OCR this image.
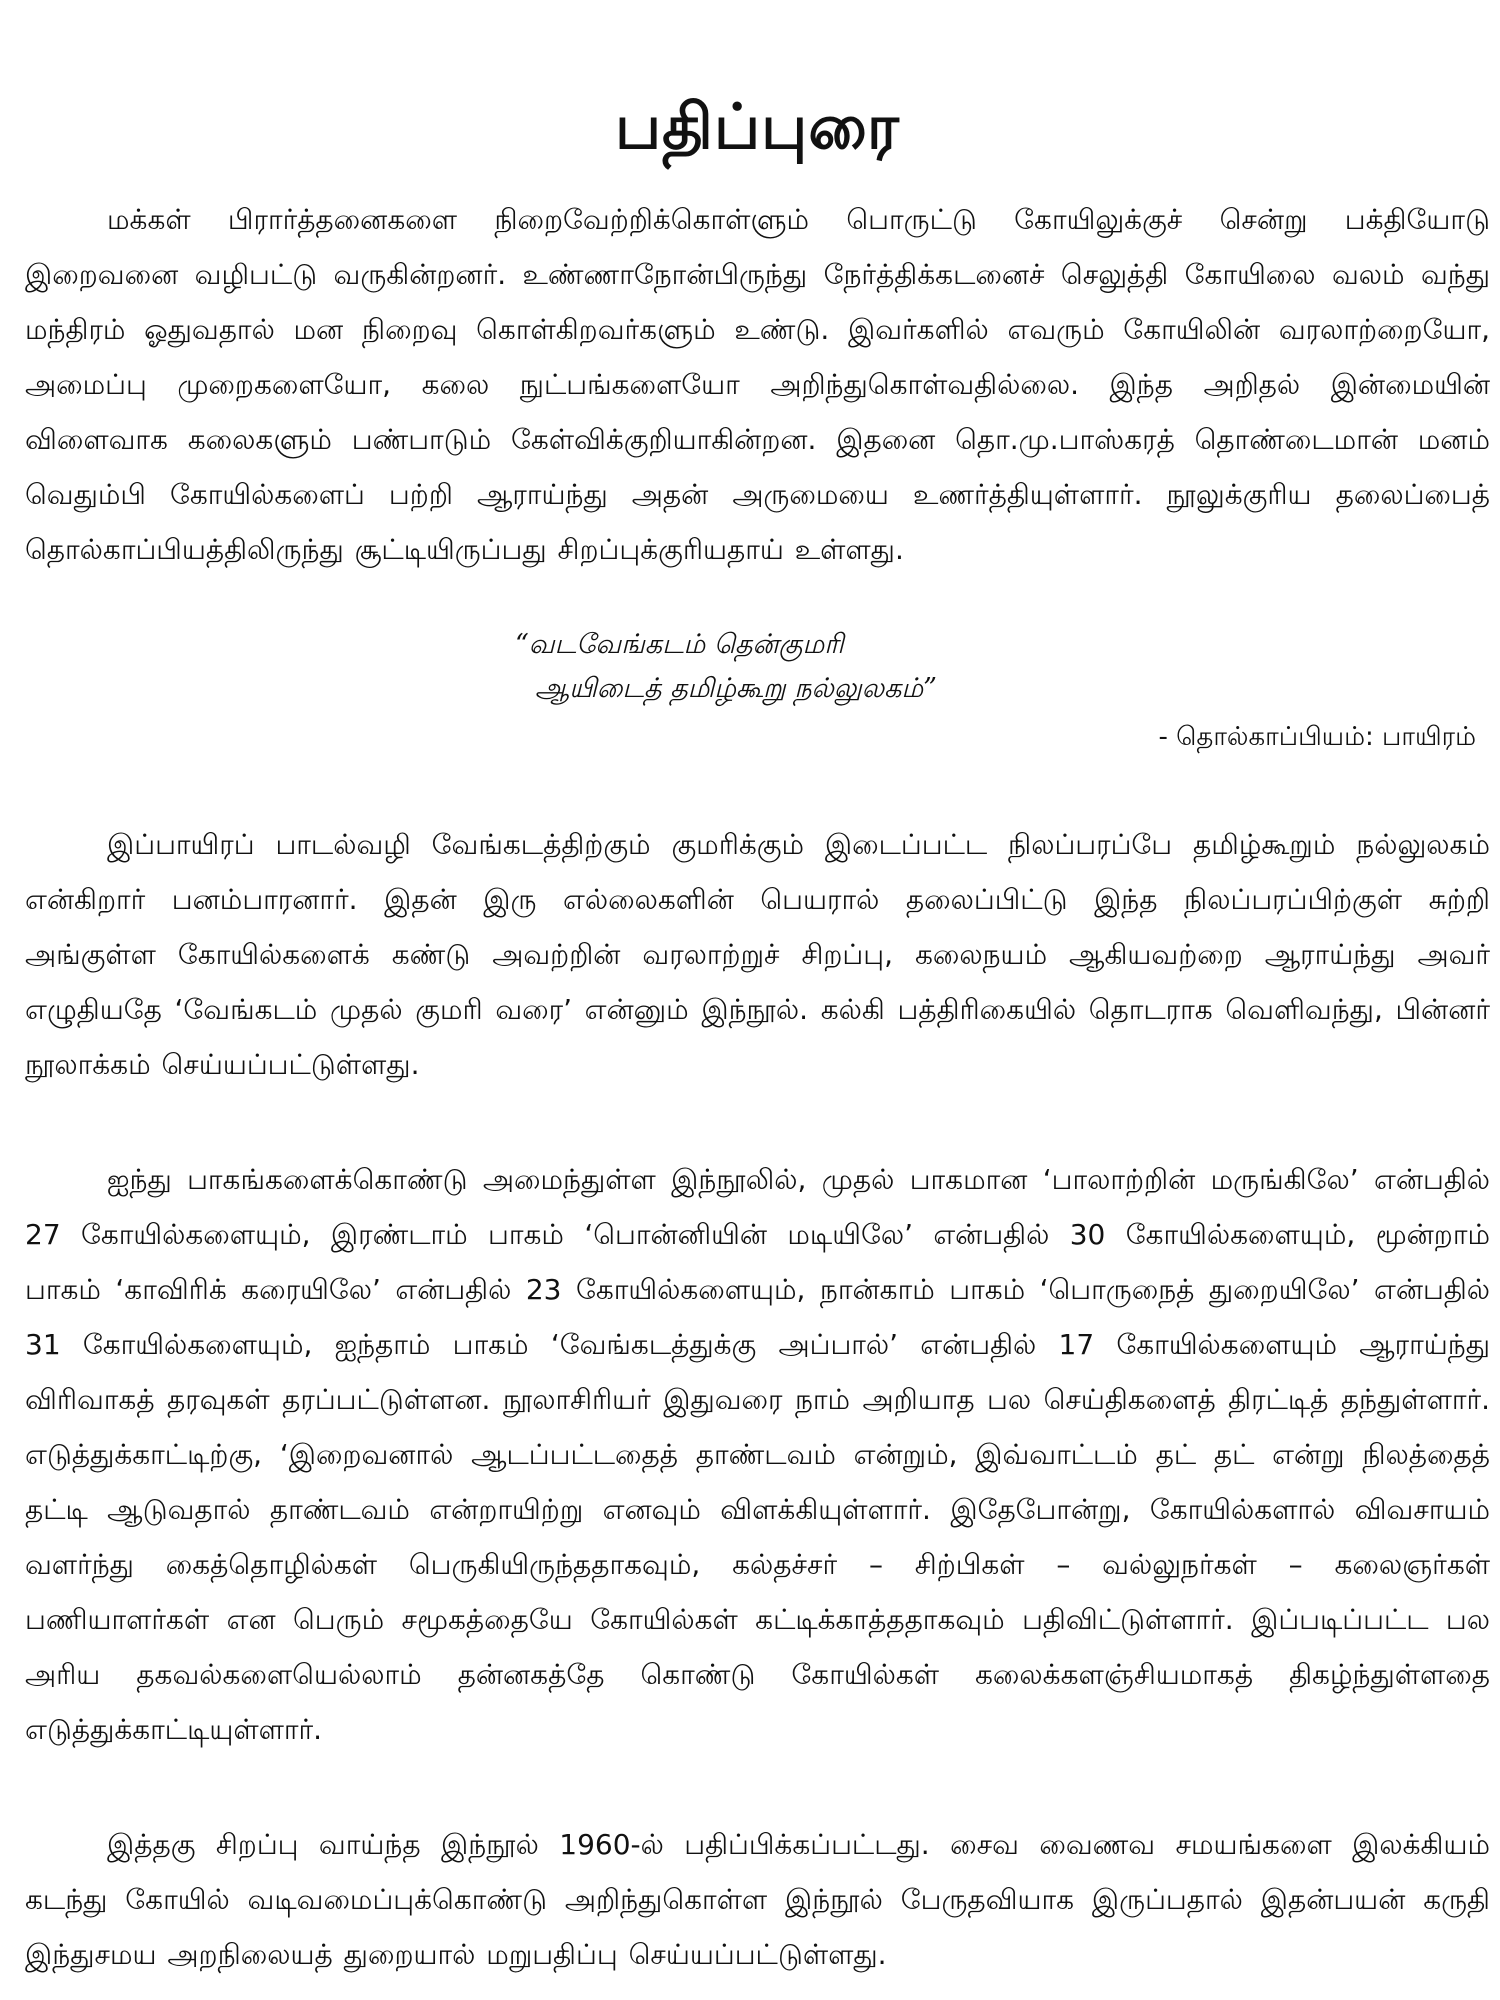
பதிப்புரை

மக்கள் பிரார்த்தனைகளை நிறைவேற்றிக்கொள்ளும் பொருட்டு கோயிலுக்குச் சென்று பக்தியோடு இறைவனை வழிபட்டு வருகின்றனர். உண்ணாநோன்பிருந்து நேர்த்திக்கடனைச் செலுத்தி கோயிலை வலம் வந்து மந்திரம் ஓதுவதால் மன நிறைவு கொள்கிறவர்களும் உண்டு. இவர்களில் எவரும் கோயிலின் வரலாற்றையோ, அமைப்பு முறைகளையோ, கலை நுட்பங்களையோ அறிந்துகொள்வதில்லை. இந்த அறிதல் இன்மையின் விளைவாக கலைகளும் பண்பாடும் கேள்விக்குறியாகின்றன. இதனை தொ.மு.பாஸ்கரத் தொண்டைமான் மனம் வெதும்பி கோயில்களைப் பற்றி ஆராய்ந்து அதன் அருமையை உணர்த்தியுள்ளார். நூலுக்குரிய தலைப்பைத் தொல்காப்பியத்திலிருந்து சூட்டியிருப்பது சிறப்புக்குரியதாய் உள்ளது.

“வடவேங்கடம் தென்குமரி
ஆயிடைத் தமிழ்கூறு நல்லுலகம்”
- தொல்காப்பியம்: பாயிரம்

இப்பாயிரப் பாடல்வழி வேங்கடத்திற்கும் குமரிக்கும் இடைப்பட்ட நிலப்பரப்பே தமிழ்கூறும் நல்லுலகம் என்கிறார் பனம்பாரனார். இதன் இரு எல்லைகளின் பெயரால் தலைப்பிட்டு இந்த நிலப்பரப்பிற்குள் சுற்றி அங்குள்ள கோயில்களைக் கண்டு அவற்றின் வரலாற்றுச் சிறப்பு, கலைநயம் ஆகியவற்றை ஆராய்ந்து அவர் எழுதியதே ‘வேங்கடம் முதல் குமரி வரை’ என்னும் இந்நூல். கல்கி பத்திரிகையில் தொடராக வெளிவந்து, பின்னர் நூலாக்கம் செய்யப்பட்டுள்ளது.

ஐந்து பாகங்களைக்கொண்டு அமைந்துள்ள இந்நூலில், முதல் பாகமான ‘பாலாற்றின் மருங்கிலே’ என்பதில் 27 கோயில்களையும், இரண்டாம் பாகம் ‘பொன்னியின் மடியிலே’ என்பதில் 30 கோயில்களையும், மூன்றாம் பாகம் ‘காவிரிக் கரையிலே’ என்பதில் 23 கோயில்களையும், நான்காம் பாகம் ‘பொருநைத் துறையிலே’ என்பதில் 31 கோயில்களையும், ஐந்தாம் பாகம் ‘வேங்கடத்துக்கு அப்பால்’ என்பதில் 17 கோயில்களையும் ஆராய்ந்து விரிவாகத் தரவுகள் தரப்பட்டுள்ளன. நூலாசிரியர் இதுவரை நாம் அறியாத பல செய்திகளைத் திரட்டித் தந்துள்ளார். எடுத்துக்காட்டிற்கு, ‘இறைவனால் ஆடப்பட்டதைத் தாண்டவம் என்றும், இவ்வாட்டம் தட் தட் என்று நிலத்தைத் தட்டி ஆடுவதால் தாண்டவம் என்றாயிற்று எனவும் விளக்கியுள்ளார். இதேபோன்று, கோயில்களால் விவசாயம் வளர்ந்து கைத்தொழில்கள் பெருகியிருந்ததாகவும், கல்தச்சர் – சிற்பிகள் – வல்லுநர்கள் – கலைஞர்கள் பணியாளர்கள் என பெரும் சமூகத்தையே கோயில்கள் கட்டிக்காத்ததாகவும் பதிவிட்டுள்ளார். இப்படிப்பட்ட பல அரிய தகவல்களையெல்லாம் தன்னகத்தே கொண்டு கோயில்கள் கலைக்களஞ்சியமாகத் திகழ்ந்துள்ளதை எடுத்துக்காட்டியுள்ளார்.

இத்தகு சிறப்பு வாய்ந்த இந்நூல் 1960-ல் பதிப்பிக்கப்பட்டது. சைவ வைணவ சமயங்களை இலக்கியம் கடந்து கோயில் வடிவமைப்புக்கொண்டு அறிந்துகொள்ள இந்நூல் பேருதவியாக இருப்பதால் இதன்பயன் கருதி இந்துசமய அறநிலையத் துறையால் மறுபதிப்பு செய்யப்பட்டுள்ளது.
